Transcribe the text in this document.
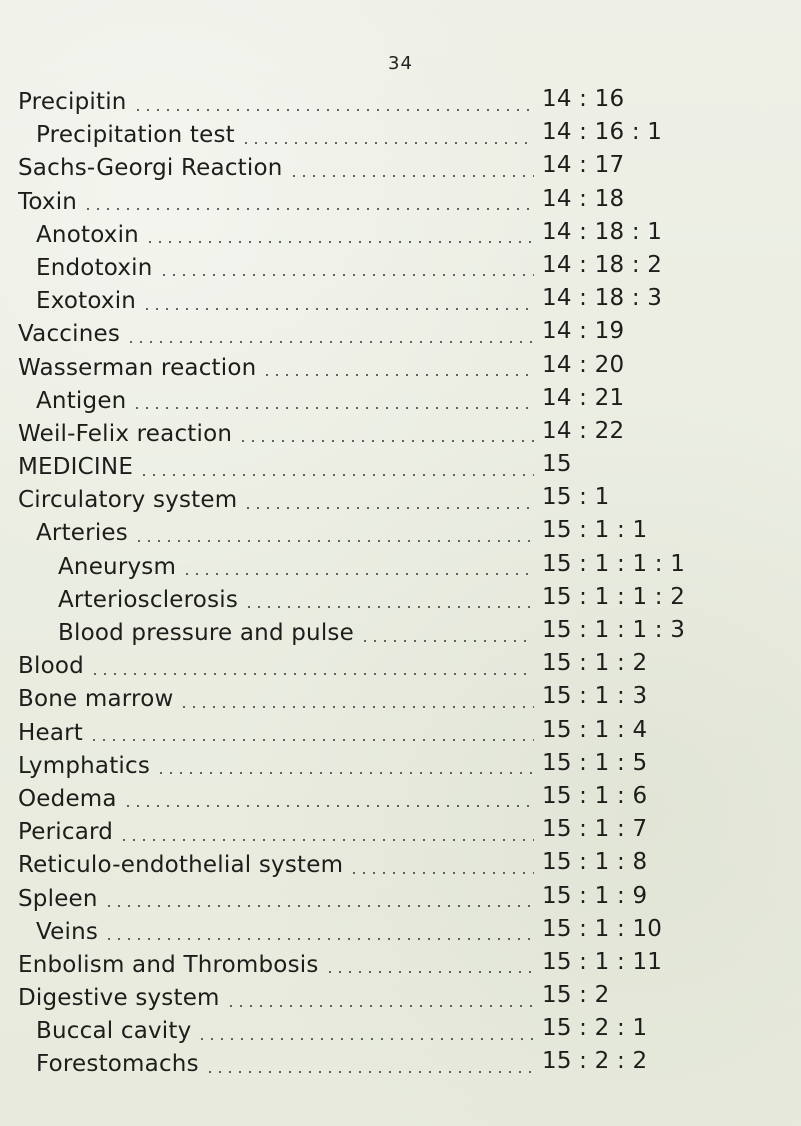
34
Precipitin	14 : 16
Precipitation test	14 : 16 : 1
Sachs-Georgi Reaction	14 : 17
Toxin	14 : 18
Anotoxin	14 : 18 : 1
Endotoxin	14 : 18 : 2
Exotoxin	14 : 18 : 3
Vaccines	14 : 19
Wasserman reaction	14 : 20
Antigen	14 : 21
Weil-Felix reaction	14 : 22
MEDICINE	15
Circulatory system	15 : 1
Arteries	15 : 1 : 1
Aneurysm	15 : 1 : 1 : 1
Arteriosclerosis	15 : 1 : 1 : 2
Blood pressure and pulse	15 : 1 : 1 : 3
Blood	15 : 1 : 2
Bone marrow	15 : 1 : 3
Heart	15 : 1 : 4
Lymphatics	15 : 1 : 5
Oedema	15 : 1 : 6
Pericard	15 : 1 : 7
Reticulo-endothelial system	15 : 1 : 8
Spleen	15 : 1 : 9
Veins	15 : 1 : 10
Enbolism and Thrombosis	15 : 1 : 11
Digestive system	15 : 2
Buccal cavity	15 : 2 : 1
Forestomachs	15 : 2 : 2
